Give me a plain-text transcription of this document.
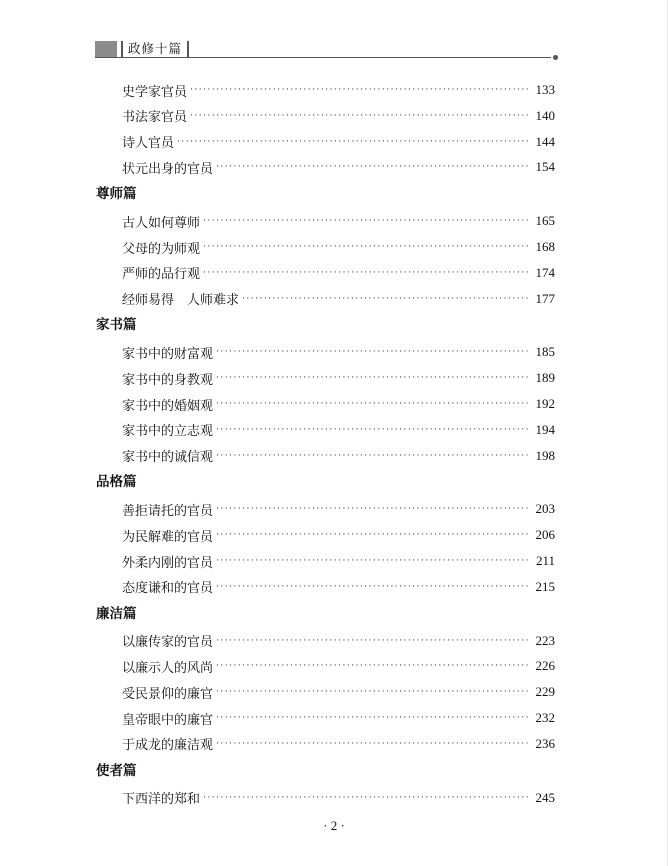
政修十篇
史学家官员 ·····	133
书法家官员 ·····	140
诗人官员 ·····	144
状元出身的官员 ·····	154
尊师篇
古人如何尊师 ·····	165
父母的为师观 ·····	168
严师的品行观 ·····	174
经师易得　人师难求 ·····	177
家书篇
家书中的财富观 ·····	185
家书中的身教观 ·····	189
家书中的婚姻观 ·····	192
家书中的立志观 ·····	194
家书中的诚信观 ·····	198
品格篇
善拒请托的官员 ·····	203
为民解难的官员 ·····	206
外柔内刚的官员 ·····	211
态度谦和的官员 ·····	215
廉洁篇
以廉传家的官员 ·····	223
以廉示人的风尚 ·····	226
受民景仰的廉官 ·····	229
皇帝眼中的廉官 ·····	232
于成龙的廉洁观 ·····	236
使者篇
下西洋的郑和 ·····	245
· 2 ·
